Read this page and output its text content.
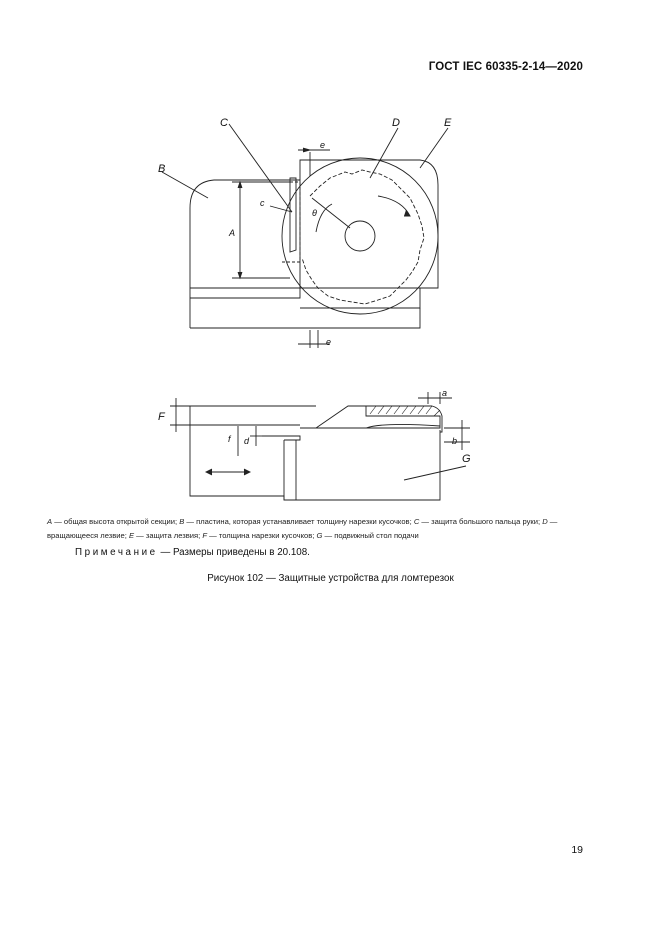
ГОСТ IEC 60335-2-14—2020
C	D	E
B
A
c
e
e
θ
F
G
a
b
d
f
A — общая высота открытой секции; B — пластина, которая устанавливает толщину нарезки кусочков; C — защита большого пальца руки; D — вращающееся лезвие; E — защита лезвия; F — толщина нарезки кусочков; G — подвижный стол подачи
Примечание — Размеры приведены в 20.108.
Рисунок 102 — Защитные устройства для ломтерезок
19
